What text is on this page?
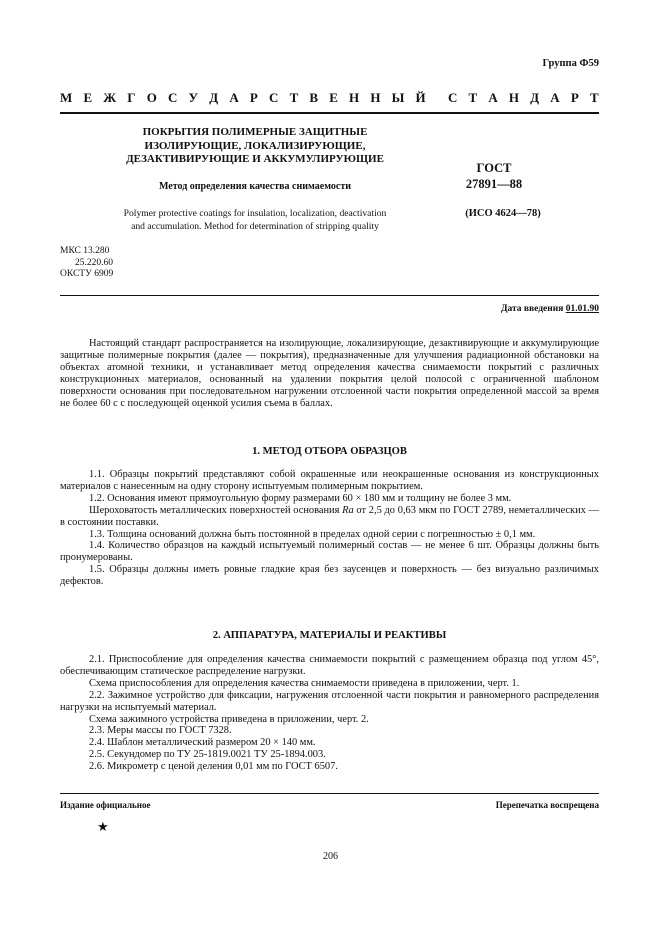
Группа Ф59
М Е Ж Г О С У Д А Р С Т В Е Н Н Ы Й С Т А Н Д А Р Т
ПОКРЫТИЯ ПОЛИМЕРНЫЕ ЗАЩИТНЫЕ
ИЗОЛИРУЮЩИЕ, ЛОКАЛИЗИРУЮЩИЕ,
ДЕЗАКТИВИРУЮЩИЕ И АККУМУЛИРУЮЩИЕ
Метод определения качества снимаемости
Polymer protective coatings for insulation, localization, deactivation
and accumulation. Method for determination of stripping quality
ГОСТ
27891—88
(ИСО 4624—78)
МКС 13.280
25.220.60
ОКСТУ 6909
Дата введения 01.01.90

Настоящий стандарт распространяется на изолирующие, локализирующие, дезактивирующие и аккумулирующие защитные полимерные покрытия (далее — покрытия), предназначенные для улучшения радиационной обстановки на объектах атомной техники, и устанавливает метод определения качества снимаемости покрытий с различных конструкционных материалов, основанный на удалении покрытия целой полосой с ограниченной шаблоном поверхности основания при последовательном нагружении отслоенной части покрытия определенной массой за время не более 60 с с последующей оценкой усилия съема в баллах.

1. МЕТОД ОТБОРА ОБРАЗЦОВ

1.1. Образцы покрытий представляют собой окрашенные или неокрашенные основания из конструкционных материалов с нанесенным на одну сторону испытуемым полимерным покрытием.

1.2. Основания имеют прямоугольную форму размерами 60 × 180 мм и толщину не более 3 мм.

Шероховатость металлических поверхностей основания Ra от 2,5 до 0,63 мкм по ГОСТ 2789, неметаллических — в состоянии поставки.

1.3. Толщина оснований должна быть постоянной в пределах одной серии с погрешностью ± 0,1 мм.

1.4. Количество образцов на каждый испытуемый полимерный состав — не менее 6 шт. Образцы должны быть пронумерованы.

1.5. Образцы должны иметь ровные гладкие края без заусенцев и поверхность — без визуально различимых дефектов.

2. АППАРАТУРА, МАТЕРИАЛЫ И РЕАКТИВЫ

2.1. Приспособление для определения качества снимаемости покрытий с размещением образца под углом 45°, обеспечивающим статическое распределение нагрузки.

Схема приспособления для определения качества снимаемости приведена в приложении, черт. 1.

2.2. Зажимное устройство для фиксации, нагружения отслоенной части покрытия и равномерного распределения нагрузки на испытуемый материал.

Схема зажимного устройства приведена в приложении, черт. 2.

2.3. Меры массы по ГОСТ 7328.

2.4. Шаблон металлический размером 20 × 140 мм.

2.5. Секундомер по ТУ 25-1819.0021 ТУ 25-1894.003.

2.6. Микрометр с ценой деления 0,01 мм по ГОСТ 6507.

Издание официальное	Перепечатка воспрещена
★
206
